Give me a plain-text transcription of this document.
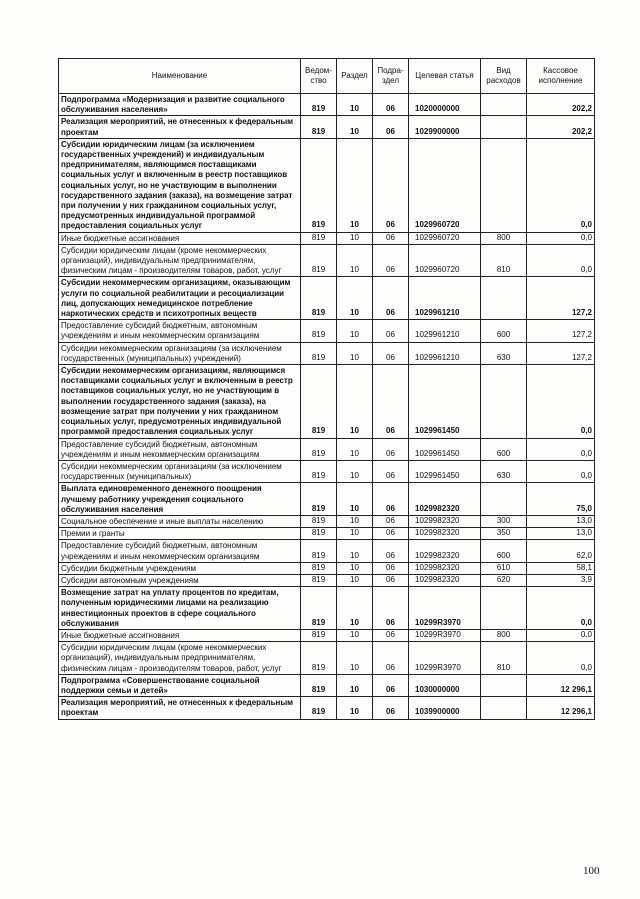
Наименование	Ведом-ство	Раздел	Подра-здел	Целевая статья	Вид расходов	Кассовое исполнение
Подпрограмма «Модернизация и развитие социального обслуживания населения»	819	10	06	1020000000		202,2
Реализация мероприятий, не отнесенных к федеральным проектам	819	10	06	1029900000		202,2
Субсидии юридическим лицам (за исключением государственных учреждений) и индивидуальным предпринимателям, являющимся поставщиками социальных услуг и включенным в реестр поставщиков социальных услуг, но не участвующим в выполнении государственного задания (заказа), на возмещение затрат при получении у них гражданином социальных услуг, предусмотренных индивидуальной программой предоставления социальных услуг	819	10	06	1029960720		0,0
Иные бюджетные ассигнования	819	10	06	1029960720	800	0,0
Субсидии юридическим лицам (кроме некоммерческих организаций), индивидуальным предпринимателям, физическим лицам - производителям товаров, работ, услуг	819	10	06	1029960720	810	0,0
Субсидии некоммерческим организациям, оказывающим услуги по социальной реабилитации и ресоциализации лиц, допускающих немедицинское потребление наркотических средств и психотропных веществ	819	10	06	1029961210		127,2
Предоставление субсидий бюджетным, автономным учреждениям и иным некоммерческим организациям	819	10	06	1029961210	600	127,2
Субсидии некоммерческим организациям (за исключением государственных (муниципальных) учреждений)	819	10	06	1029961210	630	127,2
Субсидии некоммерческим организациям, являющимся поставщиками социальных услуг и включенным в реестр поставщиков социальных услуг, но не участвующим в выполнении государственного задания (заказа), на возмещение затрат при получении у них гражданином социальных услуг, предусмотренных индивидуальной программой предоставления социальных услуг	819	10	06	1029961450		0,0
Предоставление субсидий бюджетным, автономным учреждениям и иным некоммерческим организациям	819	10	06	1029961450	600	0,0
Субсидии некоммерческим организациям (за исключением государственных (муниципальных)	819	10	06	1029961450	630	0,0
Выплата единовременного денежного поощрения лучшему работнику учреждения социального обслуживания населения	819	10	06	1029982320		75,0
Социальное обеспечение и иные выплаты населению	819	10	06	1029982320	300	13,0
Премии и гранты	819	10	06	1029982320	350	13,0
Предоставление субсидий бюджетным, автономным учреждениям и иным некоммерческим организациям	819	10	06	1029982320	600	62,0
Субсидии бюджетным учреждениям	819	10	06	1029982320	610	58,1
Субсидии автономным учреждениям	819	10	06	1029982320	620	3,9
Возмещение затрат на уплату процентов по кредитам, полученным юридическими лицами на реализацию инвестиционных проектов в сфере социального обслуживания	819	10	06	10299R3970		0,0
Иные бюджетные ассигнования	819	10	06	10299R3970	800	0,0
Субсидии юридическим лицам (кроме некоммерческих организаций), индивидуальным предпринимателям, физическим лицам - производителям товаров, работ, услуг	819	10	06	10299R3970	810	0,0
Подпрограмма «Совершенствование социальной поддержки семьи и детей»	819	10	06	1030000000		12 296,1
Реализация мероприятий, не отнесенных к федеральным проектам	819	10	06	1039900000		12 296,1
100
